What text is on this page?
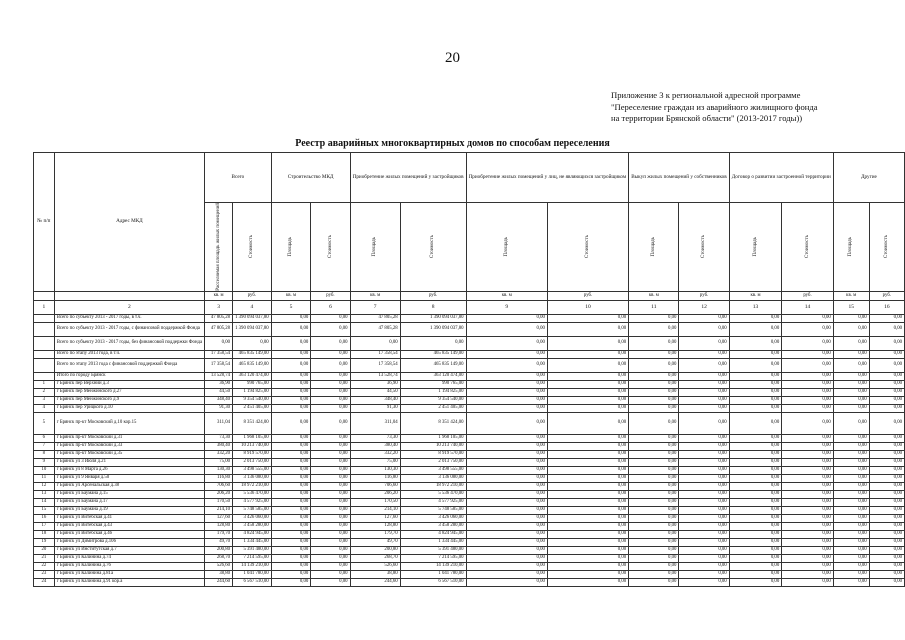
20
Приложение 3 к региональной адресной программе
"Переселение граждан из аварийного жилищного фонда
на территории Брянской области" (2013-2017 годы))
Реестр аварийных многоквартирных домов по способам переселения
№ п/п	Адрес МКД	Всего		Строительство МКД		Приобретение жилых помещений у застройщиков		Приобретение жилых помещений у лиц, не являющихся застройщиком		Выкуп жилых помещений у собственников		Договор о развитии застроенной территории		Другие	

		Расселяемая площадь жилых помещений	Стоимость	Площадь	Стоимость	Площадь	Стоимость	Площадь	Стоимость	Площадь	Стоимость	Площадь	Стоимость	Площадь	Стоимость

		кв. м	руб.	кв. м	руб.	кв. м	руб.	кв. м	руб.	кв. м	руб.	кв. м	руб.	кв. м	руб.
1	2	3	4	5	6	7	8	9	10	11	12	13	14	15	16
	Всего по субъекту 2013 - 2017 годы, в т.ч.	47 805,28	1 390 094 037,80	0,00	0,00	47 805,28	1 390 094 037,80	0,00	0,00	0,00	0,00	0,00	0,00	0,00	0,00
	Всего по субъекту 2013 - 2017 годы, с финансовой поддержкой Фонда	47 805,28	1 390 094 037,80	0,00	0,00	47 805,28	1 390 094 037,80	0,00	0,00	0,00	0,00	0,00	0,00	0,00	0,00
	Всего по субъекту 2013 - 2017 годы, без финансовой поддержки Фонда	0,00	0,00	0,00	0,00	0,00	0,00	0,00	0,00	0,00	0,00	0,00	0,00	0,00	0,00
	Всего по этапу 2013 года, в т.ч.	17 358,54	465 835 149,00	0,00	0,00	17 358,54	465 835 149,00	0,00	0,00	0,00	0,00	0,00	0,00	0,00	0,00
	Всего по этапу 2013 года с финансовой поддержкой Фонда	17 358,54	465 835 149,00	0,00	0,00	17 358,54	465 835 149,00	0,00	0,00	0,00	0,00	0,00	0,00	0,00	0,00
	Итого по городу Брянск	13 528,74	363 120 474,00	0,00	0,00	13 528,74	363 120 474,00	0,00	0,00	0,00	0,00	0,00	0,00	0,00	0,00
1	г Брянск пер Верхний д.3	36,90	990 765,00	0,00	0,00	36,90	990 765,00	0,00	0,00	0,00	0,00	0,00	0,00	0,00	0,00
2	г Брянск пер Менжинского д.27	44,50	1 194 825,00	0,00	0,00	44,50	1 194 825,00	0,00	0,00	0,00	0,00	0,00	0,00	0,00	0,00
3	г Брянск пер Менжинского д.9	348,40	9 354 540,00	0,00	0,00	348,40	9 354 540,00	0,00	0,00	0,00	0,00	0,00	0,00	0,00	0,00
4	г Брянск пер Урицкого д.10	91,30	2 451 405,00	0,00	0,00	91,30	2 451 405,00	0,00	0,00	0,00	0,00	0,00	0,00	0,00	0,00
5	г Брянск пр-кт Московский д.10 кор.15	311,04	8 351 424,00	0,00	0,00	311,04	8 351 424,00	0,00	0,00	0,00	0,00	0,00	0,00	0,00	0,00
6	г Брянск пр-кт Московский д.31	73,30	1 968 105,00	0,00	0,00	73,30	1 968 105,00	0,00	0,00	0,00	0,00	0,00	0,00	0,00	0,00
7	г Брянск пр-кт Московский д.33	380,40	10 213 740,00	0,00	0,00	380,40	10 213 740,00	0,00	0,00	0,00	0,00	0,00	0,00	0,00	0,00
8	г Брянск пр-кт Московский д.35	332,20	8 919 570,00	0,00	0,00	332,20	8 919 570,00	0,00	0,00	0,00	0,00	0,00	0,00	0,00	0,00
9	г Брянск ул 3 Июля д.21	75,00	2 013 750,00	0,00	0,00	75,00	2 013 750,00	0,00	0,00	0,00	0,00	0,00	0,00	0,00	0,00
10	г Брянск ул 8 Марта д.26	130,30	3 498 555,00	0,00	0,00	130,30	3 498 555,00	0,00	0,00	0,00	0,00	0,00	0,00	0,00	0,00
11	г Брянск ул 9 Января д.50	116,80	3 136 080,00	0,00	0,00	116,80	3 136 080,00	0,00	0,00	0,00	0,00	0,00	0,00	0,00	0,00
12	г Брянск ул Арсенальская д.38	706,60	18 972 210,00	0,00	0,00	706,60	18 972 210,00	0,00	0,00	0,00	0,00	0,00	0,00	0,00	0,00
13	г Брянск ул Бауманa д.15	206,20	5 536 470,00	0,00	0,00	206,20	5 536 470,00	0,00	0,00	0,00	0,00	0,00	0,00	0,00	0,00
14	г Брянск ул Баумана д.17	170,50	4 577 925,00	0,00	0,00	170,50	4 577 925,00	0,00	0,00	0,00	0,00	0,00	0,00	0,00	0,00
15	г Брянск ул Баумана д.19	214,10	5 748 585,00	0,00	0,00	214,10	5 748 585,00	0,00	0,00	0,00	0,00	0,00	0,00	0,00	0,00
16	г Брянск ул Витебская д.41	127,60	3 426 060,00	0,00	0,00	127,60	3 426 060,00	0,00	0,00	0,00	0,00	0,00	0,00	0,00	0,00
17	г Брянск ул Витебская д.43	128,80	3 458 280,00	0,00	0,00	128,80	3 458 280,00	0,00	0,00	0,00	0,00	0,00	0,00	0,00	0,00
18	г Брянск ул Витебская д.46	179,70	4 824 945,00	0,00	0,00	179,70	4 824 945,00	0,00	0,00	0,00	0,00	0,00	0,00	0,00	0,00
19	г Брянск ул Димитрова д.106	49,70	1 334 445,00	0,00	0,00	49,70	1 334 445,00	0,00	0,00	0,00	0,00	0,00	0,00	0,00	0,00
20	г Брянск ул Институтская д.7	200,80	5 391 480,00	0,00	0,00	200,80	5 391 480,00	0,00	0,00	0,00	0,00	0,00	0,00	0,00	0,00
21	г Брянск ул Калинина д.74	268,70	7 214 595,00	0,00	0,00	268,70	7 214 595,00	0,00	0,00	0,00	0,00	0,00	0,00	0,00	0,00
22	г Брянск ул Калинина д.76	526,60	14 139 210,00	0,00	0,00	526,60	14 139 210,00	0,00	0,00	0,00	0,00	0,00	0,00	0,00	0,00
23	г Брянск ул Калинина д.81а	38,80	1 041 780,00	0,00	0,00	38,80	1 041 780,00	0,00	0,00	0,00	0,00	0,00	0,00	0,00	0,00
24	г Брянск ул Калинина д.91 кор.а	244,60	6 567 510,00	0,00	0,00	244,60	6 567 510,00	0,00	0,00	0,00	0,00	0,00	0,00	0,00	0,00
